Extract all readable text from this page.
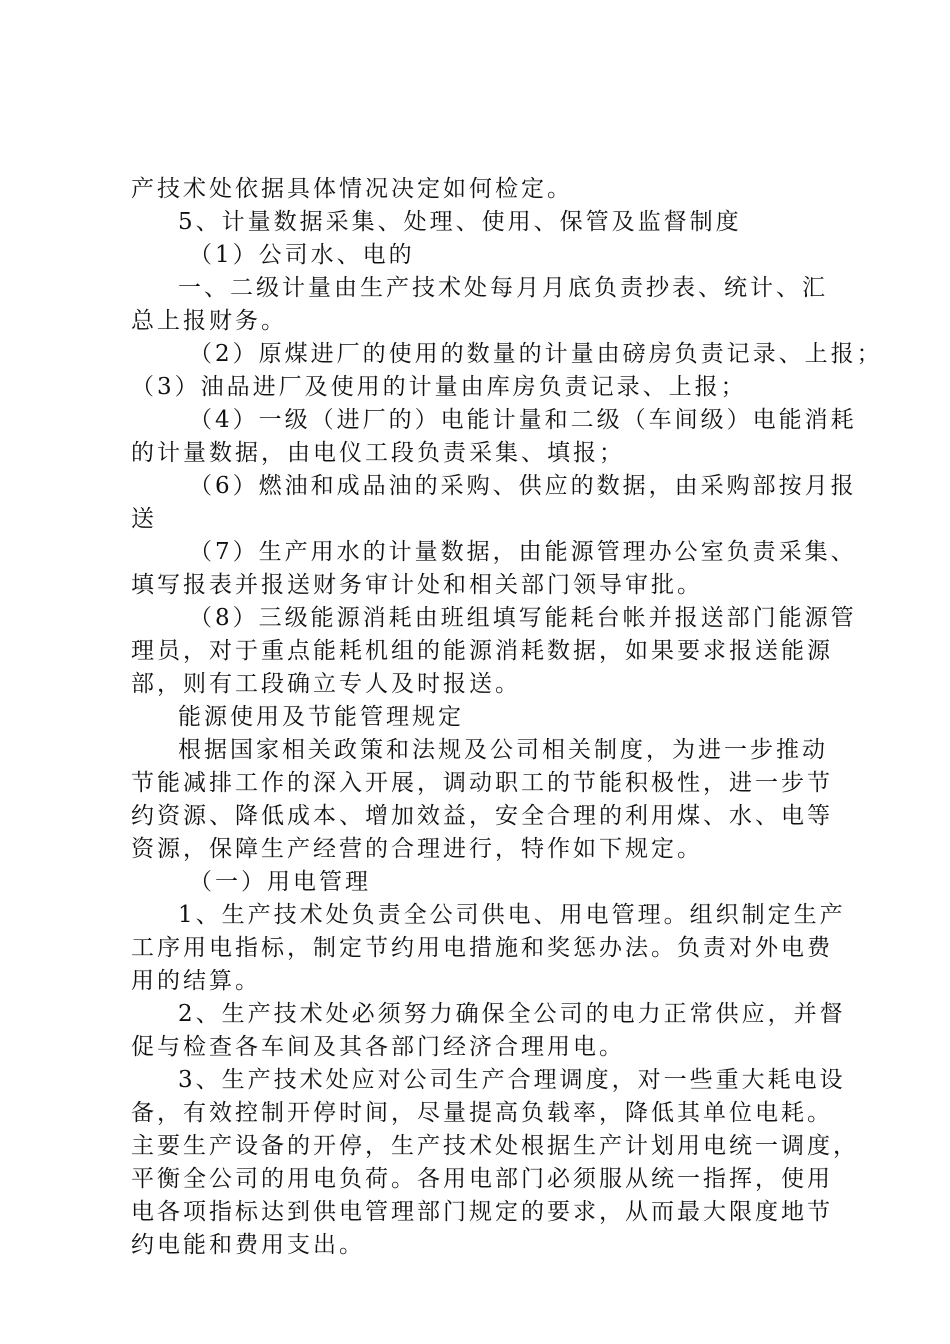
产技术处依据具体情况决定如何检定。

5、计量数据采集、处理、使用、保管及监督制度

（1）公司水、电的

一、二级计量由生产技术处每月月底负责抄表、统计、汇

总上报财务。

（2）原煤进厂的使用的数量的计量由磅房负责记录、上报；

（3）油品进厂及使用的计量由库房负责记录、上报；

（4）一级（进厂的）电能计量和二级（车间级）电能消耗

的计量数据，由电仪工段负责采集、填报；

（6）燃油和成品油的采购、供应的数据，由采购部按月报

送

（7）生产用水的计量数据，由能源管理办公室负责采集、

填写报表并报送财务审计处和相关部门领导审批。

（8）三级能源消耗由班组填写能耗台帐并报送部门能源管

理员，对于重点能耗机组的能源消耗数据，如果要求报送能源

部，则有工段确立专人及时报送。

能源使用及节能管理规定

根据国家相关政策和法规及公司相关制度，为进一步推动

节能减排工作的深入开展，调动职工的节能积极性，进一步节

约资源、降低成本、增加效益，安全合理的利用煤、水、电等

资源，保障生产经营的合理进行，特作如下规定。

（一）用电管理

1、生产技术处负责全公司供电、用电管理。组织制定生产

工序用电指标，制定节约用电措施和奖惩办法。负责对外电费

用的结算。

2、生产技术处必须努力确保全公司的电力正常供应，并督

促与检查各车间及其各部门经济合理用电。

3、生产技术处应对公司生产合理调度，对一些重大耗电设

备，有效控制开停时间，尽量提高负载率，降低其单位电耗。

主要生产设备的开停，生产技术处根据生产计划用电统一调度，

平衡全公司的用电负荷。各用电部门必须服从统一指挥，使用

电各项指标达到供电管理部门规定的要求，从而最大限度地节

约电能和费用支出。
